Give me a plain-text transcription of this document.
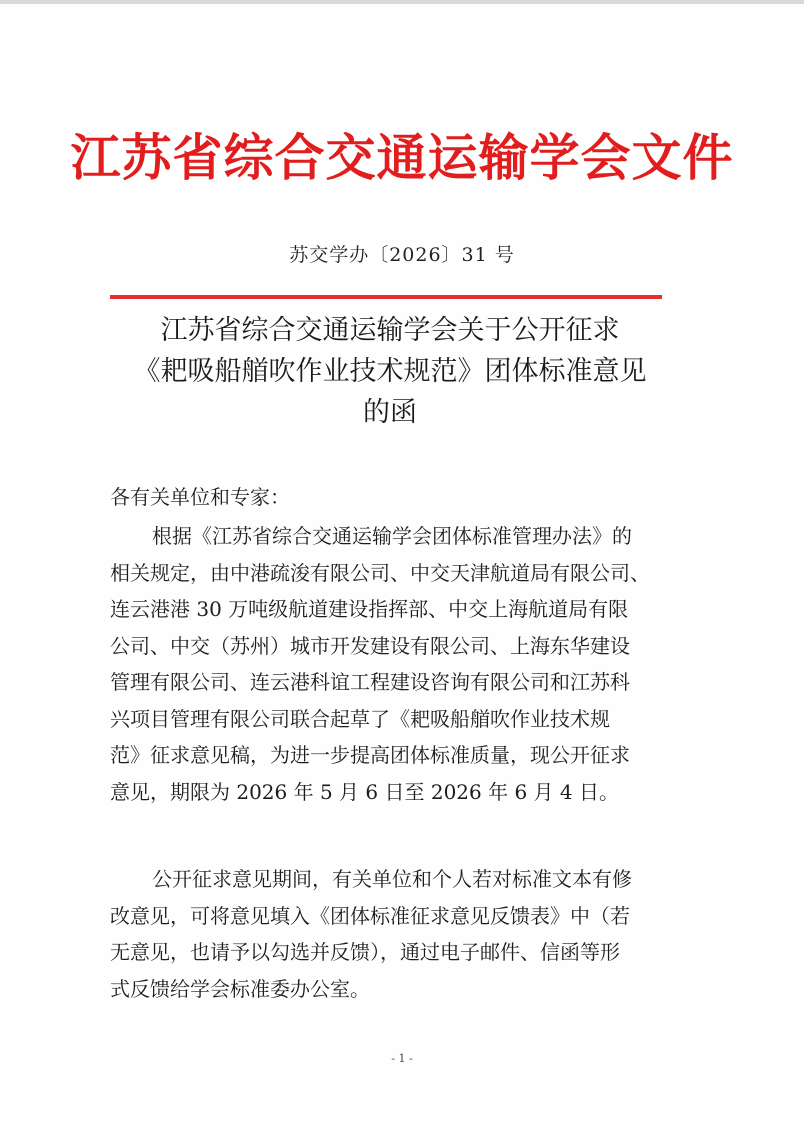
江苏省综合交通运输学会文件
苏交学办〔2026〕31 号
江苏省综合交通运输学会关于公开征求
《耙吸船艏吹作业技术规范》团体标准意见
的函
各有关单位和专家：
根据《江苏省综合交通运输学会团体标准管理办法》的
相关规定，由中港疏浚有限公司、中交天津航道局有限公司、
连云港港 30 万吨级航道建设指挥部、中交上海航道局有限
公司、中交（苏州）城市开发建设有限公司、上海东华建设
管理有限公司、连云港科谊工程建设咨询有限公司和江苏科
兴项目管理有限公司联合起草了《耙吸船艏吹作业技术规
范》征求意见稿，为进一步提高团体标准质量，现公开征求
意见，期限为 2026 年 5 月 6 日至 2026 年 6 月 4 日。
公开征求意见期间，有关单位和个人若对标准文本有修
改意见，可将意见填入《团体标准征求意见反馈表》中（若
无意见，也请予以勾选并反馈），通过电子邮件、信函等形
式反馈给学会标准委办公室。
- 1 -
